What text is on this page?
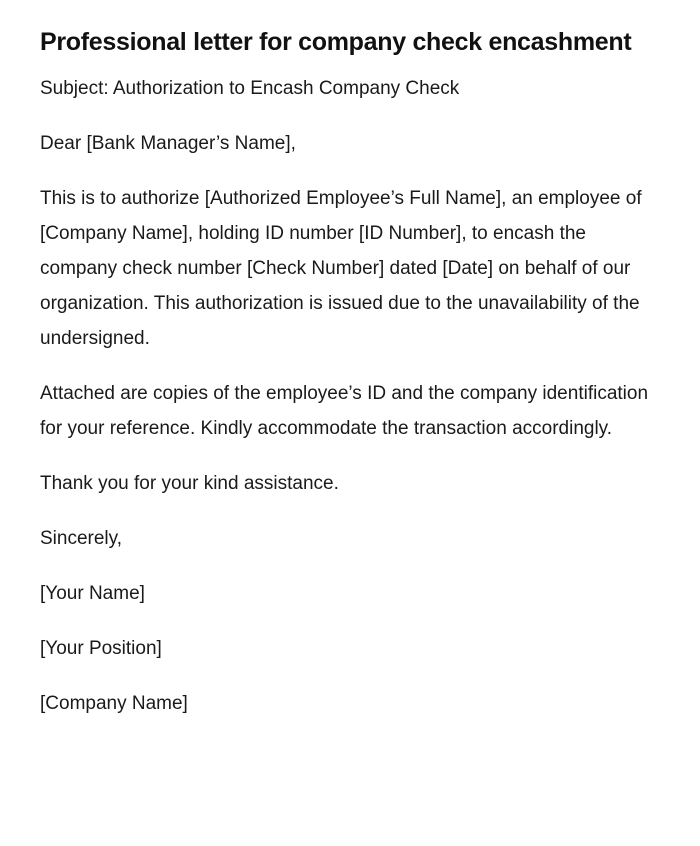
Professional letter for company check encashment

Subject: Authorization to Encash Company Check

Dear [Bank Manager’s Name],

This is to authorize [Authorized Employee’s Full Name], an employee of [Company Name], holding ID number [ID Number], to encash the company check number [Check Number] dated [Date] on behalf of our organization. This authorization is issued due to the unavailability of the undersigned.

Attached are copies of the employee’s ID and the company identification for your reference. Kindly accommodate the transaction accordingly.

Thank you for your kind assistance.

Sincerely,

[Your Name]

[Your Position]

[Company Name]
